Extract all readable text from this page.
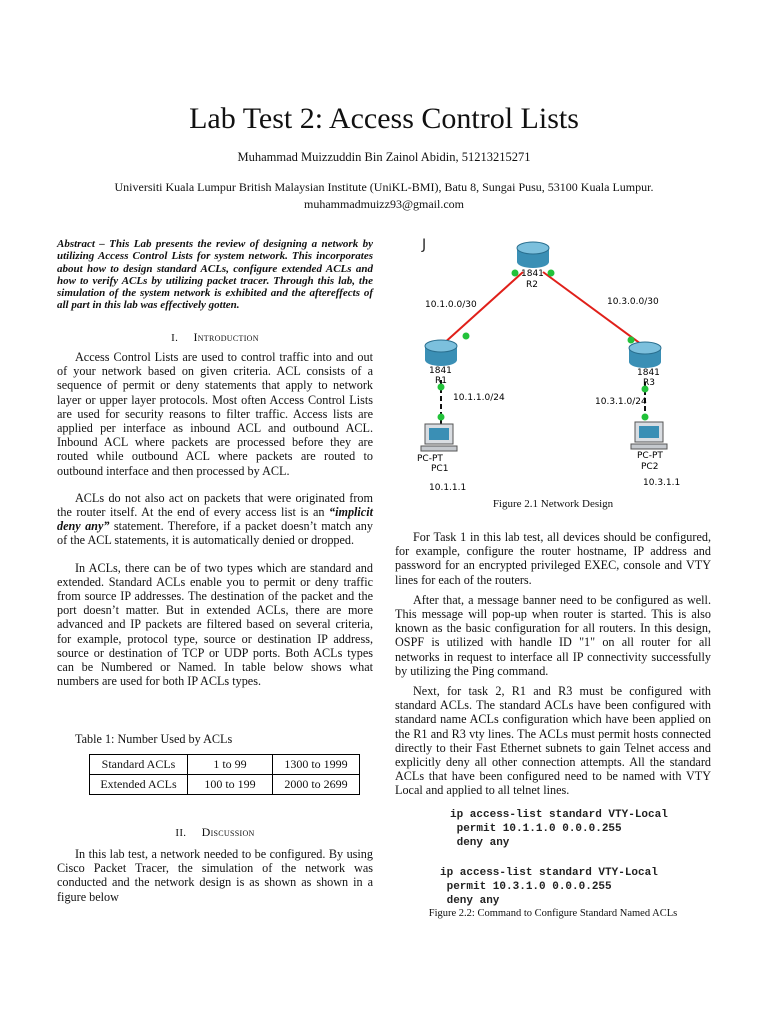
Lab Test 2: Access Control Lists
Muhammad Muizzuddin Bin Zainol Abidin, 51213215271
Universiti Kuala Lumpur British Malaysian Institute (UniKL-BMI), Batu 8, Sungai Pusu, 53100 Kuala Lumpur.
muhammadmuizz93@gmail.com
Abstract – This Lab presents the review of designing a network by utilizing Access Control Lists for system network. This incorporates about how to design standard ACLs, configure extended ACLs and how to verify ACLs by utilizing packet tracer. Through this lab, the simulation of the system network is exhibited and the aftereffects of all part in this lab was effectively gotten.
I. Introduction

Access Control Lists are used to control traffic into and out of your network based on given criteria. ACL consists of a sequence of permit or deny statements that apply to network layer or upper layer protocols. Most often Access Control Lists are used for security reasons to filter traffic. Access lists are applied per interface as inbound ACL and outbound ACL. Inbound ACL where packets are processed before they are routed while outbound ACL where packets are routed to outbound interface and then processed by ACL.

ACLs do not also act on packets that were originated from the router itself. At the end of every access list is an “implicit deny any” statement. Therefore, if a packet doesn’t match any of the ACL statements, it is automatically denied or dropped.

In ACLs, there can be of two types which are standard and extended. Standard ACLs enable you to permit or deny traffic from source IP addresses. The destination of the packet and the port doesn’t matter. But in extended ACLs, there are more advanced and IP packets are filtered based on several criteria, for example, protocol type, source or destination IP address, source or destination of TCP or UDP ports. Both ACLs types can be Numbered or Named. In table below shows what numbers are used for both IP ACLs types.

Table 1: Number Used by ACLs
Standard ACLs	1 to 99	1300 to 1999
Extended ACLs	100 to 199	2000 to 2699
II. Discussion

In this lab test, a network needed to be configured. By using Cisco Packet Tracer, the simulation of the network was conducted and the network design is as shown as shown in a figure below

J
1841
R2
1841
R1
1841
R3
10.1.0.0/30	10.3.0.0/30
10.1.1.0/24	10.3.1.0/24
PC-PT
PC1
10.1.1.1
PC-PT
PC2
10.3.1.1
Figure 2.1 Network Design

For Task 1 in this lab test, all devices should be configured, for example, configure the router hostname, IP address and password for an encrypted privileged EXEC, console and VTY lines for each of the routers.

After that, a message banner need to be configured as well. This message will pop-up when router is started. This is also known as the basic configuration for all routers. In this design, OSPF is utilized with handle ID "1" on all router for all networks in request to interface all IP connectivity successfully by utilizing the Ping command.

Next, for task 2, R1 and R3 must be configured with standard ACLs. The standard ACLs have been configured with standard name ACLs configuration which have been applied on the R1 and R3 vty lines. The ACLs must permit hosts connected directly to their Fast Ethernet subnets to gain Telnet access and explicitly deny all other connection attempts. All the standard ACLs that have been configured need to be named with VTY Local and applied to all telnet lines.

ip access-list standard VTY-Local
permit 10.1.1.0 0.0.0.255
deny any
ip access-list standard VTY-Local
permit 10.3.1.0 0.0.0.255
deny any
Figure 2.2: Command to Configure Standard Named ACLs
